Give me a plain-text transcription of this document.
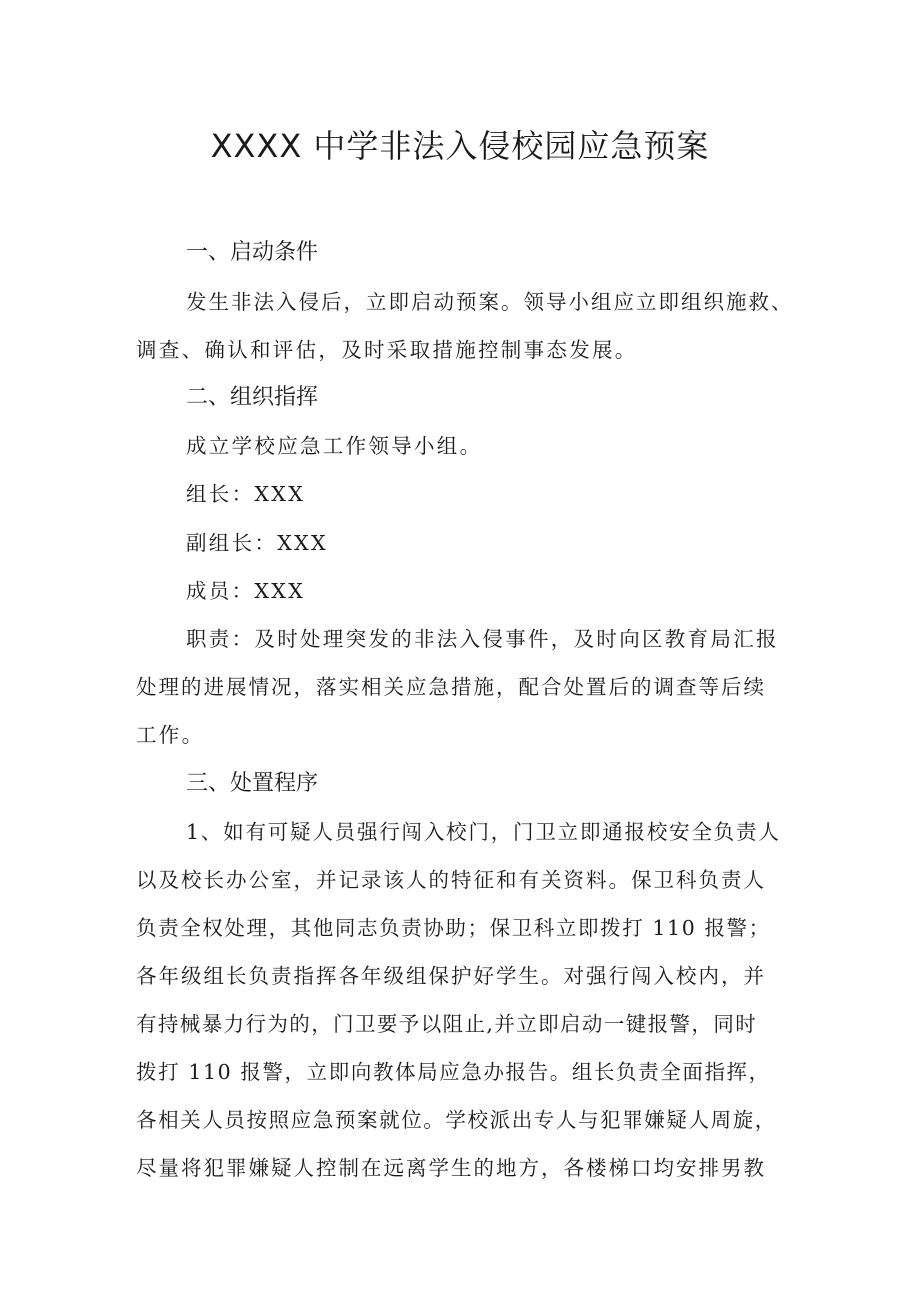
XXXX 中学非法入侵校园应急预案
一、启动条件

发生非法入侵后，立即启动预案。领导小组应立即组织施救、

调查、确认和评估，及时采取措施控制事态发展。

二、组织指挥

成立学校应急工作领导小组。

组长：XXX

副组长：XXX

成员：XXX

职责：及时处理突发的非法入侵事件，及时向区教育局汇报

处理的进展情况，落实相关应急措施，配合处置后的调查等后续

工作。

三、处置程序

1、如有可疑人员强行闯入校门，门卫立即通报校安全负责人

以及校长办公室，并记录该人的特征和有关资料。保卫科负责人

负责全权处理，其他同志负责协助；保卫科立即拨打 110 报警；

各年级组长负责指挥各年级组保护好学生。对强行闯入校内，并

有持械暴力行为的，门卫要予以阻止,并立即启动一键报警，同时

拨打 110 报警，立即向教体局应急办报告。组长负责全面指挥，

各相关人员按照应急预案就位。学校派出专人与犯罪嫌疑人周旋，

尽量将犯罪嫌疑人控制在远离学生的地方，各楼梯口均安排男教
